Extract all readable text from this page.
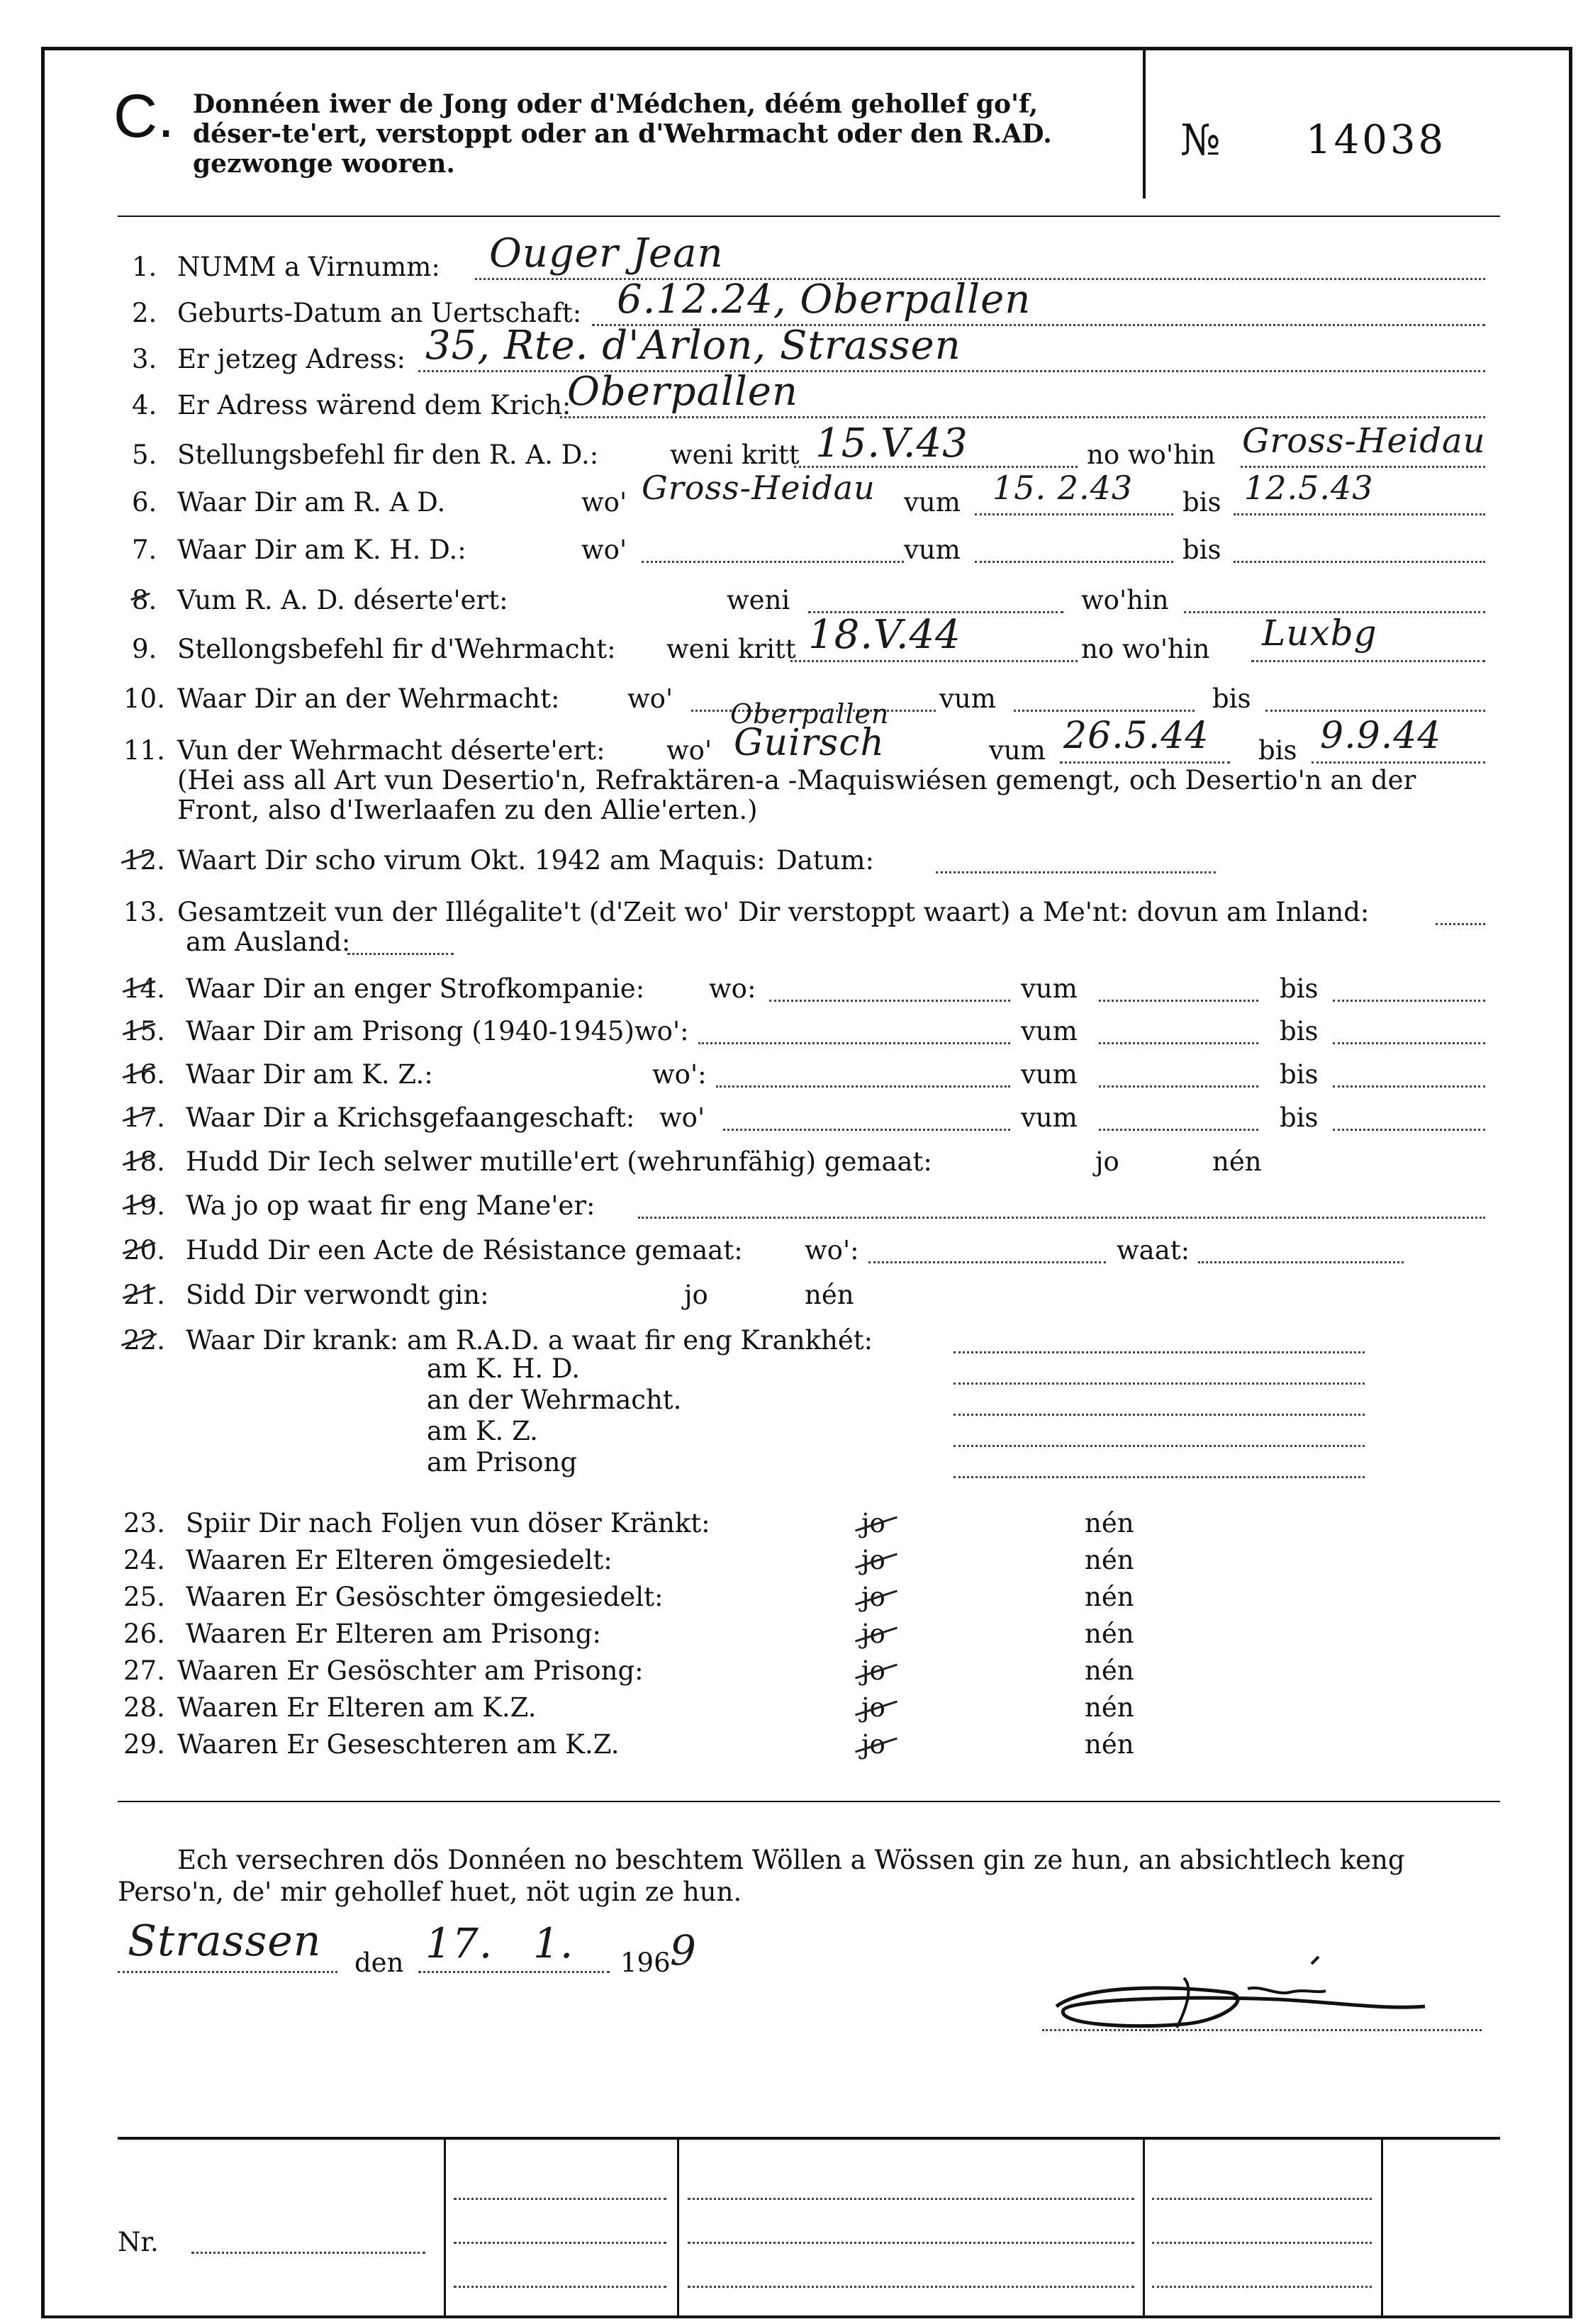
C. Donnéen iwer de Jong oder d'Médchen, déém gehollef go'f, déser-te'ert, verstoppt oder an d'Wehrmacht oder den R.AD. gezwonge wooren.	№ 14038
1. NUMM a Virnumm: Ouger Jean
2. Geburts-Datum an Uertschaft: 6.12.24, Oberpallen
3. Er jetzeg Adress: 35, Rte. d'Arlon, Strassen
4. Er Adress wärend dem Krich:
Oberpallen
5. Stellungsbefehl fir den R. A. D.:	weni kritt 15.V.43	no wo'hin Gross-Heidau
6. Waar Dir am R. A D.	wo' Gross-Heidau vum 15. 2.43 bis 12.5.43
7. Waar Dir am K. H. D.:	wo'	vum	bis
8. Vum R. A. D. déserte'ert:	weni	wo'hin
9. Stellongsbefehl fir d'Wehrmacht: weni kritt 18.V.44	no wo'hin Luxbg
10. Waar Dir an der Wehrmacht:	wo'	vum	bis
11. Vun der Wehrmacht déserte'ert: wo'
Oberpallen
Guirsch	vum 26.5.44 bis 9.9.44
(Hei ass all Art vun Desertio'n, Refraktären-a -Maquiswiésen gemengt, och Desertio'n an der
Front, also d'Iwerlaafen zu den Allie'erten.)
12. Waart Dir scho virum Okt. 1942 am Maquis: Datum:
13. Gesamtzeit vun der Illégalite't (d'Zeit wo' Dir verstoppt waart) a Me'nt: dovun am Inland:
am Ausland:
14. Waar Dir an enger Strofkompanie: wo:	vum	bis
15. Waar Dir am Prisong (1940-1945) wo':	vum	bis
16. Waar Dir am K. Z.:	wo':	vum	bis
17. Waar Dir a Krichsgefaangeschaft: wo'	vum	bis
18. Hudd Dir Iech selwer mutille'ert (wehrunfähig) gemaat:	jo	nén
19. Wa jo op waat fir eng Mane'er:
20. Hudd Dir een Acte de Résistance gemaat: wo':	waat:
21. Sidd Dir verwondt gin:	jo	nén
22. Waar Dir krank: am R.A.D. a waat fir eng Krankhét:
am K. H. D.
an der Wehrmacht.
am K. Z.
am Prisong
23. Spiir Dir nach Foljen vun döser Kränkt:	jo	nén
24. Waaren Er Elteren ömgesiedelt:	jo	nén
25. Waaren Er Gesöschter ömgesiedelt:	jo	nén
26. Waaren Er Elteren am Prisong:	jo	nén
27. Waaren Er Gesöschter am Prisong:	jo	nén
28. Waaren Er Elteren am K.Z.	jo	nén
29. Waaren Er Geseschteren am K.Z.	jo	nén
Ech versechren dös Donnéen no beschtem Wöllen a Wössen gin ze hun, an absichtlech keng
Perso'n, de' mir gehollef huet, nöt ugin ze hun.
Strassen den 17. 1. 196 9
Nr.
